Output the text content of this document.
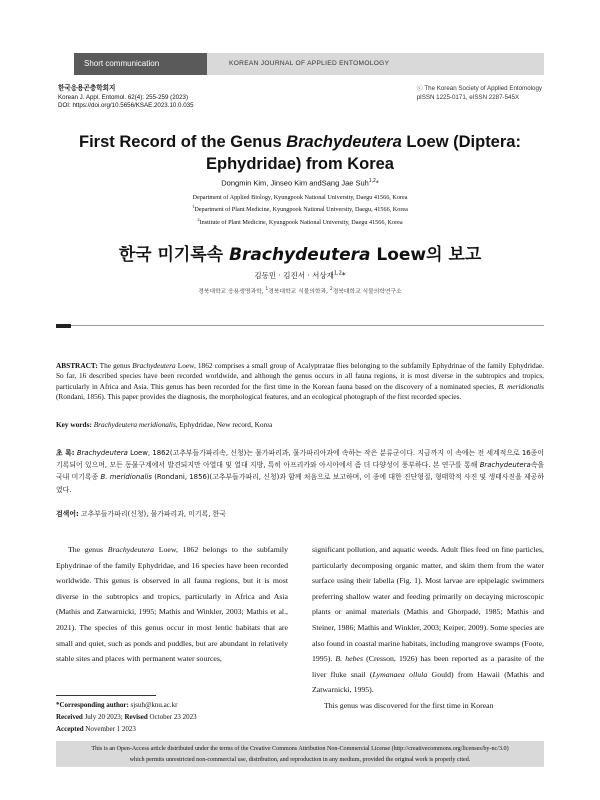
Short communication	KOREAN JOURNAL OF APPLIED ENTOMOLOGY
한국응용곤충학회지
Korean J. Appl. Entomol. 62(4): 255-259 (2023)
DOI: https://doi.org/10.5656/KSAE.2023.10.0.035
ⓒ The Korean Society of Applied Entomology
pISSN 1225-0171, eISSN 2287-545X
First Record of the Genus Brachydeutera Loew (Diptera: Ephydridae) from Korea
Dongmin Kim, Jinseo Kim andSang Jae Suh$^{1,2}$*
Department of Applied Biology, Kyungpook National University, Daegu 41566, Korea
$^1$Department of Plant Medicine, Kyungpook National University, Daegu, 41566, Korea
$^2$Institute of Plant Medicine, Kyungpook National University, Daegu 41566, Korea
한국 미기록속 Brachydeutera Loew의 보고
김동민 · 김진서 · 서상재$^{1,2}$*
경북대학교 응용생명과학, $^1$경북대학교 식물의학과, $^2$경북대학교 식물의학연구소
ABSTRACT: The genus Brachydeutera Loew, 1862 comprises a small group of Acalyptratae flies belonging to the subfamily Ephydrinae of the family Ephydridae. So far, 16 described species have been recorded worldwide, and although the genus occurs in all fauna regions, it is most diverse in the subtropics and tropics, particularly in Africa and Asia. This genus has been recorded for the first time in the Korean fauna based on the discovery of a nominated species, B. meridionalis (Rondani, 1856). This paper provides the diagnosis, the morphological features, and an ecological photograph of the first recorded species.
Key words: Brachydeutera meridionalis, Ephydridae, New record, Korea
초 록: Brachydeutera Loew, 1862(고추부들가파리속, 신청)는 물가파리과, 물가파리아과에 속하는 작은 분류군이다. 지금까지 이 속에는 전 세계적으로 16종이 기록되어 있으며, 모든 동물구계에서 발견되지만 아열대 및 열대 지방, 특히 아프리카와 아시아에서 좀 더 다양성이 풍부하다. 본 연구를 통해 Brachydeutera속을 국내 미기록종 B. meridionalis (Rondani, 1856)(고추부들가파리, 신청)과 함께 처음으로 보고하며, 이 종에 대한 진단형질, 형태학적 사진 및 생태사진을 제공하였다.
검색어: 고추부들가파리(신청), 물가파리과, 미기록, 한국
The genus Brachydeutera Loew, 1862 belongs to the subfamily Ephydrinae of the family Ephydridae, and 16 species have been recorded worldwide. This genus is observed in all fauna regions, but it is most diverse in the subtropics and tropics, particularly in Africa and Asia (Mathis and Zatwarnicki, 1995; Mathis and Winkler, 2003; Mathis et al., 2021). The species of this genus occur in most lentic habitats that are small and quiet, such as ponds and puddles, but are abundant in relatively stable sites and places with permanent water sources,
significant pollution, and aquatic weeds. Adult flies feed on fine particles, particularly decomposing organic matter, and skim them from the water surface using their labella (Fig. 1). Most larvae are epipelagic swimmers preferring shallow water and feeding primarily on decaying microscopic plants or animal materials (Mathis and Ghorpadé, 1985; Mathis and Steiner, 1986; Mathis and Winkler, 2003; Keiper, 2009). Some species are also found in coastal marine habitats, including mangrove swamps (Foote, 1995). B. hebes (Cresson, 1926) has been reported as a parasite of the liver fluke snail (Lymanaea ollula Gould) from Hawaii (Mathis and Zatwarnicki, 1995).
This genus was discovered for the first time in Korean
*Corresponding author: sjsuh@knu.ac.kr
Received July 20 2023; Revised October 23 2023
Accepted November 1 2023
This is an Open-Access article distributed under the terms of the Creative Commons Attribution Non-Commercial License (http://creativecommons.org/licenses/by-nc/3.0)
which permits unrestricted non-commercial use, distribution, and reproduction in any medium, provided the original work is properly cited.
